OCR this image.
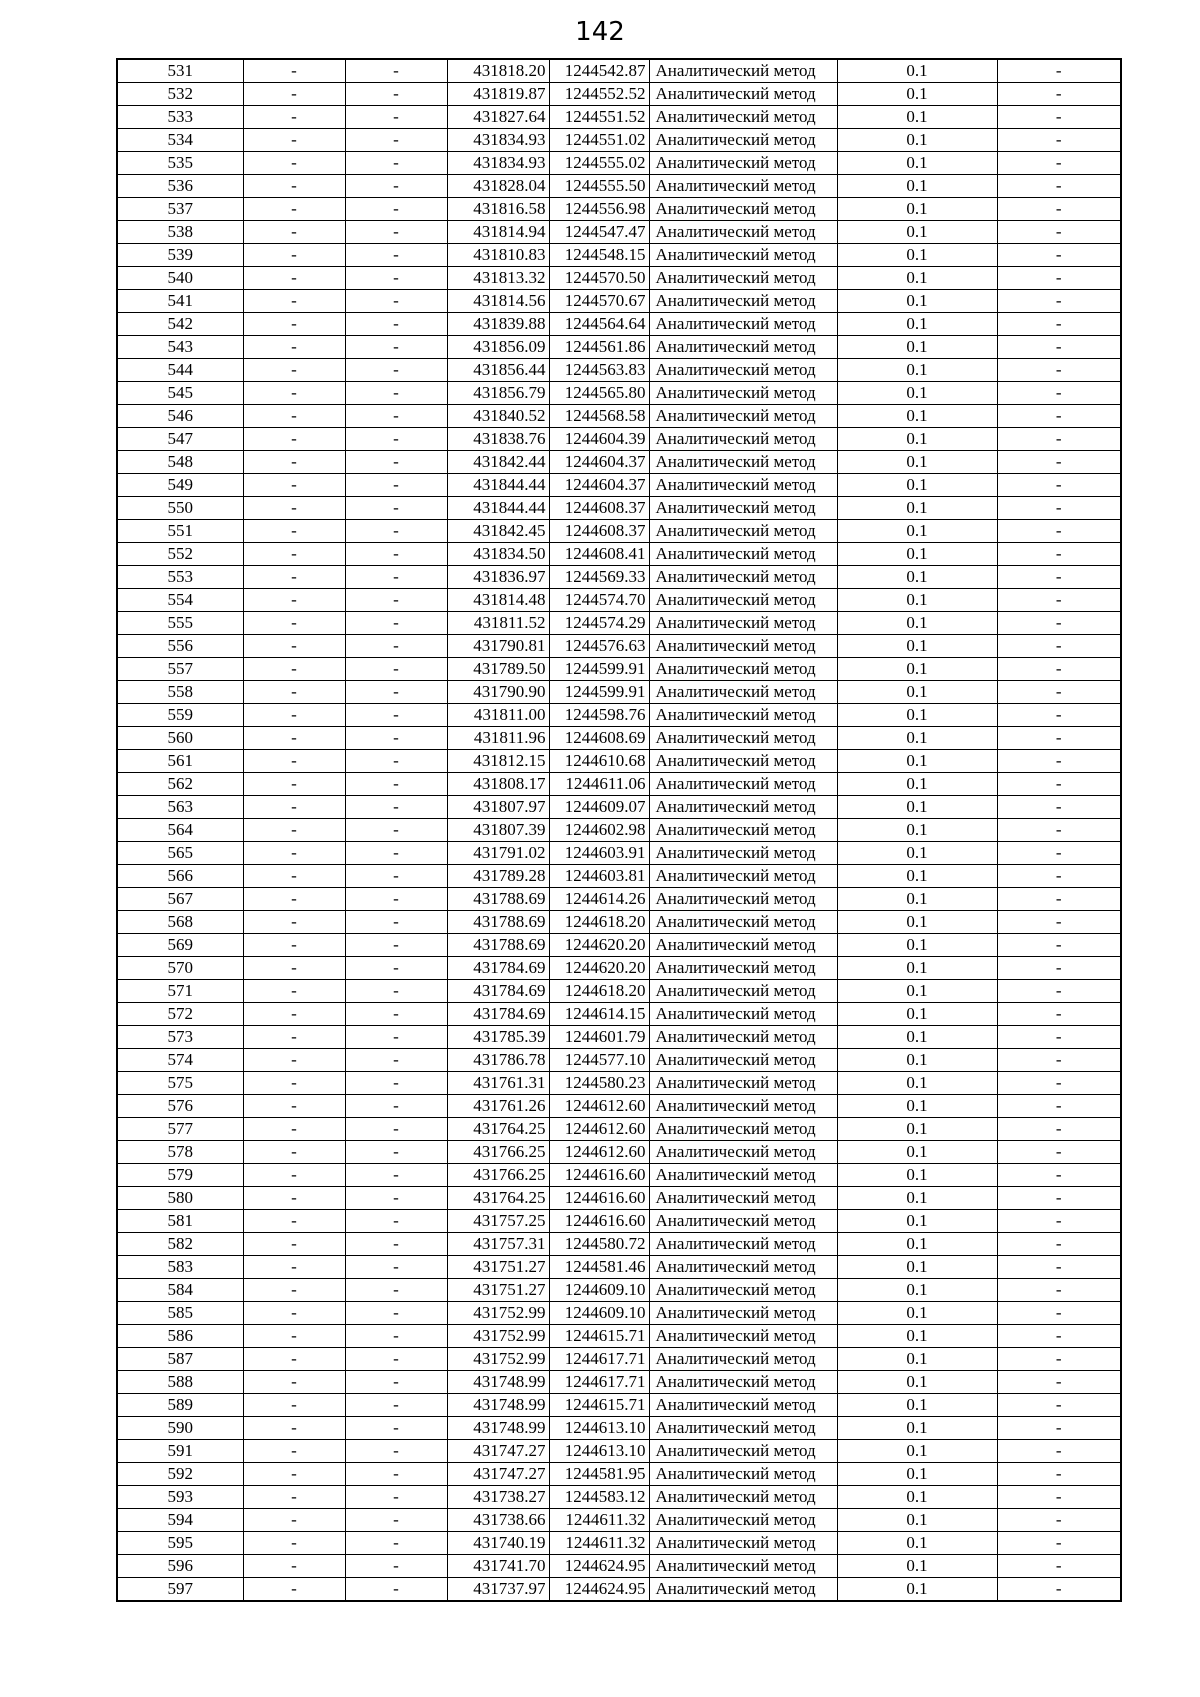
142
531	-	-	431818.20	1244542.87	Аналитический метод	0.1	-
532	-	-	431819.87	1244552.52	Аналитический метод	0.1	-
533	-	-	431827.64	1244551.52	Аналитический метод	0.1	-
534	-	-	431834.93	1244551.02	Аналитический метод	0.1	-
535	-	-	431834.93	1244555.02	Аналитический метод	0.1	-
536	-	-	431828.04	1244555.50	Аналитический метод	0.1	-
537	-	-	431816.58	1244556.98	Аналитический метод	0.1	-
538	-	-	431814.94	1244547.47	Аналитический метод	0.1	-
539	-	-	431810.83	1244548.15	Аналитический метод	0.1	-
540	-	-	431813.32	1244570.50	Аналитический метод	0.1	-
541	-	-	431814.56	1244570.67	Аналитический метод	0.1	-
542	-	-	431839.88	1244564.64	Аналитический метод	0.1	-
543	-	-	431856.09	1244561.86	Аналитический метод	0.1	-
544	-	-	431856.44	1244563.83	Аналитический метод	0.1	-
545	-	-	431856.79	1244565.80	Аналитический метод	0.1	-
546	-	-	431840.52	1244568.58	Аналитический метод	0.1	-
547	-	-	431838.76	1244604.39	Аналитический метод	0.1	-
548	-	-	431842.44	1244604.37	Аналитический метод	0.1	-
549	-	-	431844.44	1244604.37	Аналитический метод	0.1	-
550	-	-	431844.44	1244608.37	Аналитический метод	0.1	-
551	-	-	431842.45	1244608.37	Аналитический метод	0.1	-
552	-	-	431834.50	1244608.41	Аналитический метод	0.1	-
553	-	-	431836.97	1244569.33	Аналитический метод	0.1	-
554	-	-	431814.48	1244574.70	Аналитический метод	0.1	-
555	-	-	431811.52	1244574.29	Аналитический метод	0.1	-
556	-	-	431790.81	1244576.63	Аналитический метод	0.1	-
557	-	-	431789.50	1244599.91	Аналитический метод	0.1	-
558	-	-	431790.90	1244599.91	Аналитический метод	0.1	-
559	-	-	431811.00	1244598.76	Аналитический метод	0.1	-
560	-	-	431811.96	1244608.69	Аналитический метод	0.1	-
561	-	-	431812.15	1244610.68	Аналитический метод	0.1	-
562	-	-	431808.17	1244611.06	Аналитический метод	0.1	-
563	-	-	431807.97	1244609.07	Аналитический метод	0.1	-
564	-	-	431807.39	1244602.98	Аналитический метод	0.1	-
565	-	-	431791.02	1244603.91	Аналитический метод	0.1	-
566	-	-	431789.28	1244603.81	Аналитический метод	0.1	-
567	-	-	431788.69	1244614.26	Аналитический метод	0.1	-
568	-	-	431788.69	1244618.20	Аналитический метод	0.1	-
569	-	-	431788.69	1244620.20	Аналитический метод	0.1	-
570	-	-	431784.69	1244620.20	Аналитический метод	0.1	-
571	-	-	431784.69	1244618.20	Аналитический метод	0.1	-
572	-	-	431784.69	1244614.15	Аналитический метод	0.1	-
573	-	-	431785.39	1244601.79	Аналитический метод	0.1	-
574	-	-	431786.78	1244577.10	Аналитический метод	0.1	-
575	-	-	431761.31	1244580.23	Аналитический метод	0.1	-
576	-	-	431761.26	1244612.60	Аналитический метод	0.1	-
577	-	-	431764.25	1244612.60	Аналитический метод	0.1	-
578	-	-	431766.25	1244612.60	Аналитический метод	0.1	-
579	-	-	431766.25	1244616.60	Аналитический метод	0.1	-
580	-	-	431764.25	1244616.60	Аналитический метод	0.1	-
581	-	-	431757.25	1244616.60	Аналитический метод	0.1	-
582	-	-	431757.31	1244580.72	Аналитический метод	0.1	-
583	-	-	431751.27	1244581.46	Аналитический метод	0.1	-
584	-	-	431751.27	1244609.10	Аналитический метод	0.1	-
585	-	-	431752.99	1244609.10	Аналитический метод	0.1	-
586	-	-	431752.99	1244615.71	Аналитический метод	0.1	-
587	-	-	431752.99	1244617.71	Аналитический метод	0.1	-
588	-	-	431748.99	1244617.71	Аналитический метод	0.1	-
589	-	-	431748.99	1244615.71	Аналитический метод	0.1	-
590	-	-	431748.99	1244613.10	Аналитический метод	0.1	-
591	-	-	431747.27	1244613.10	Аналитический метод	0.1	-
592	-	-	431747.27	1244581.95	Аналитический метод	0.1	-
593	-	-	431738.27	1244583.12	Аналитический метод	0.1	-
594	-	-	431738.66	1244611.32	Аналитический метод	0.1	-
595	-	-	431740.19	1244611.32	Аналитический метод	0.1	-
596	-	-	431741.70	1244624.95	Аналитический метод	0.1	-
597	-	-	431737.97	1244624.95	Аналитический метод	0.1	-
